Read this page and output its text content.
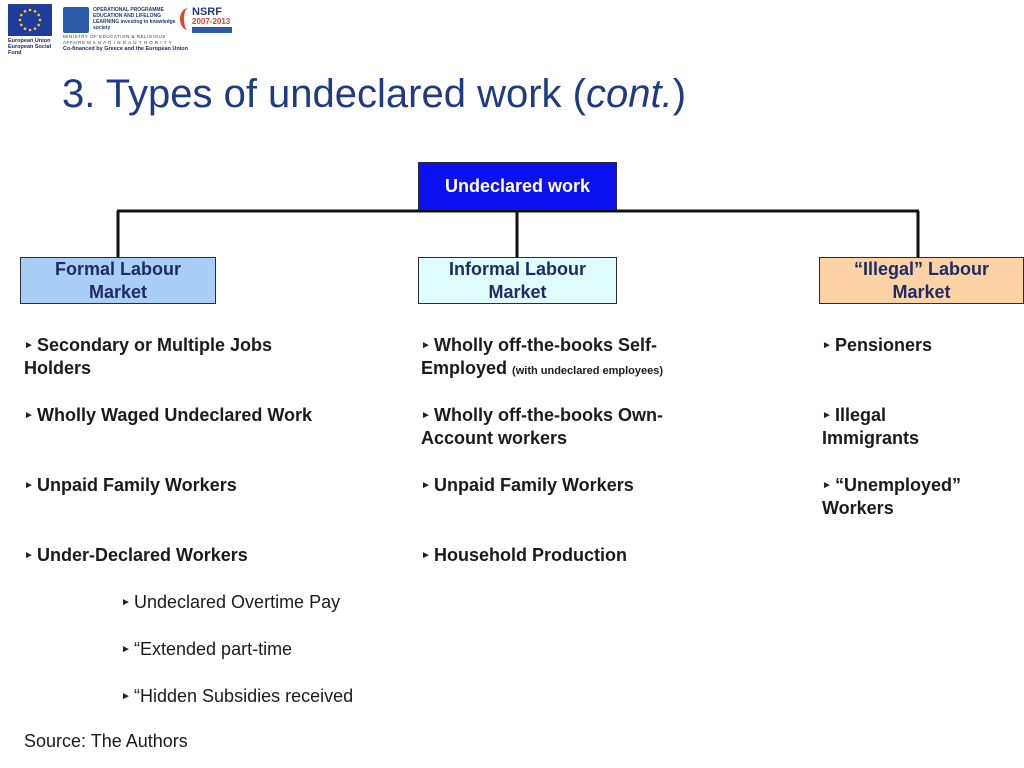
European Union European Social Fund
OPERATIONAL PROGRAMME EDUCATION AND LIFELONG LEARNING investing in knowledge society
MINISTRY OF EDUCATION & RELIGIOUS AFFAIRS M A N A G I N G A U T H O R I T Y
Co-financed by Greece and the European Union
NSRF
2007-2013
3. Types of undeclared work (cont.)
Undeclared work
Formal Labour
Market
Informal Labour
Market
“Illegal” Labour
Market
► Secondary or Multiple Jobs
Holders
► Wholly Waged Undeclared Work
► Unpaid Family Workers
► Under-Declared Workers
► Undeclared Overtime Pay
► “Extended part-time
► “Hidden Subsidies received
► Wholly off-the-books Self-
Employed (with undeclared employees)
► Wholly off-the-books Own-
Account workers
► Unpaid Family Workers
► Household Production
► Pensioners
► Illegal
Immigrants
► “Unemployed”
Workers
Source: The Authors
